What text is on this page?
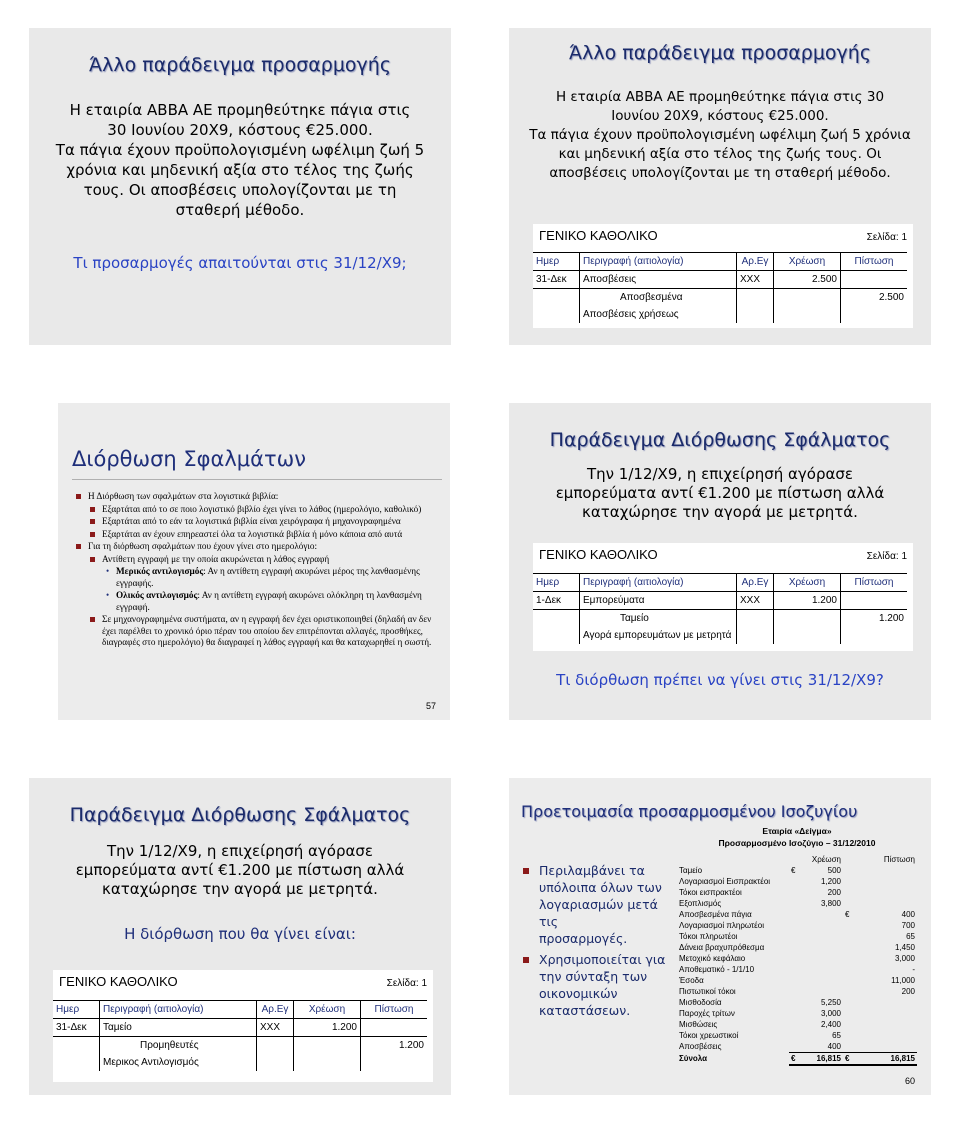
Άλλο παράδειγμα προσαρμογής
Η εταιρία ΑΒΒΑ ΑΕ προμηθεύτηκε πάγια στις
30 Ιουνίου 20Χ9, κόστους €25.000.
Τα πάγια έχουν προϋπολογισμένη ωφέλιμη ζωή 5
χρόνια και μηδενική αξία στο τέλος της ζωής
τους. Οι αποσβέσεις υπολογίζονται με τη
σταθερή μέθοδο.
Τι προσαρμογές απαιτούνται στις 31/12/Χ9;
Άλλο παράδειγμα προσαρμογής
Η εταιρία ΑΒΒΑ ΑΕ προμηθεύτηκε πάγια στις 30
Ιουνίου 20Χ9, κόστους €25.000.
Τα πάγια έχουν προϋπολογισμένη ωφέλιμη ζωή 5 χρόνια
και μηδενική αξία στο τέλος της ζωής τους. Οι
αποσβέσεις υπολογίζονται με τη σταθερή μέθοδο.
ΓΕΝΙΚΟ ΚΑΘΟΛΙΚΟ	Σελίδα: 1
Ημερ	Περιγραφή (αιτιολογία)	Αρ.Εγ	Χρέωση	Πίστωση
31-Δεκ	Αποσβέσεις	ΧΧΧ	2.500	
	Αποσβεσμένα			2.500
	Αποσβέσεις χρήσεως			
Διόρθωση Σφαλμάτων
Η Διόρθωση των σφαλμάτων στα λογιστικά βιβλία:
Εξαρτάται από το σε ποιο λογιστικό βιβλίο έχει γίνει το λάθος (ημερολόγιο, καθολικό)
Εξαρτάται από το εάν τα λογιστικά βιβλία είναι χειρόγραφα ή μηχανογραφημένα
Εξαρτάται αν έχουν επηρεαστεί όλα τα λογιστικά βιβλία ή μόνο κάποια από αυτά
Για τη διόρθωση σφαλμάτων που έχουν γίνει στο ημερολόγιο:
Αντίθετη εγγραφή με την οποία ακυρώνεται η λάθος εγγραφή
• Μερικός αντιλογισμός: Αν η αντίθετη εγγραφή ακυρώνει μέρος της λανθασμένης εγγραφής.
• Ολικός αντιλογισμός: Αν η αντίθετη εγγραφή ακυρώνει ολόκληρη τη λανθασμένη εγγραφή.
Σε μηχανογραφημένα συστήματα, αν η εγγραφή δεν έχει οριστικοποιηθεί (δηλαδή αν δεν έχει παρέλθει το χρονικό όριο πέραν του οποίου δεν επιτρέπονται αλλαγές, προσθήκες, διαγραφές στο ημερολόγιο) θα διαγραφεί η λάθος εγγραφή και θα καταχωρηθεί η σωστή.
57
Παράδειγμα Διόρθωσης Σφάλματος
Την 1/12/Χ9, η επιχείρησή αγόρασε
εμπορεύματα αντί €1.200 με πίστωση αλλά
καταχώρησε την αγορά με μετρητά.
ΓΕΝΙΚΟ ΚΑΘΟΛΙΚΟ	Σελίδα: 1
Ημερ	Περιγραφή (αιτιολογία)	Αρ.Εγ	Χρέωση	Πίστωση
1-Δεκ	Εμπορεύματα	ΧΧΧ	1.200	
	Ταμείο			1.200
	Αγορά εμπορευμάτων με μετρητά			
Τι διόρθωση πρέπει να γίνει στις 31/12/Χ9?
Παράδειγμα Διόρθωσης Σφάλματος
Την 1/12/Χ9, η επιχείρησή αγόρασε
εμπορεύματα αντί €1.200 με πίστωση αλλά
καταχώρησε την αγορά με μετρητά.
Η διόρθωση που θα γίνει είναι:
ΓΕΝΙΚΟ ΚΑΘΟΛΙΚΟ	Σελίδα: 1
Ημερ	Περιγραφή (αιτιολογία)	Αρ.Εγ	Χρέωση	Πίστωση
31-Δεκ	Ταμείο	ΧΧΧ	1.200	
	Προμηθευτές			1.200
	Μερικος Αντιλογισμός			
Προετοιμασία προσαρμοσμένου Ισοζυγίου
Περιλαμβάνει τα
υπόλοιπα όλων των
λογαριασμών μετά τις
προσαρμογές.
Χρησιμοποιείται για
την σύνταξη των
οικονομικών
καταστάσεων.
Εταιρία «Δείγμα»
Προσαρμοσμένο Ισοζύγιο – 31/12/2010
		Χρέωση		Πίστωση
Ταμείο	€	500		
Λογαριασμοί Εισπρακτέοι		1,200		
Τόκοι εισπρακτέοι		200		
Εξοπλισμός		3,800		
Αποσβεσμένα πάγια			€	400
Λογαριασμοί πληρωτέοι				700
Τόκοι πληρωτέοι				65
Δάνεια βραχυπρόθεσμα				1,450
Μετοχικό κεφάλαιο				3,000
Αποθεματικό - 1/1/10				-
Έσοδα				11,000
Πιστωτικοί τόκοι				200
Μισθοδοσία		5,250		
Παροχές τρίτων		3,000		
Μισθώσεις		2,400		
Τόκοι χρεωστικοί		65		
Αποσβέσεις		400		
Σύνολα	€	16,815	€	16,815
60
